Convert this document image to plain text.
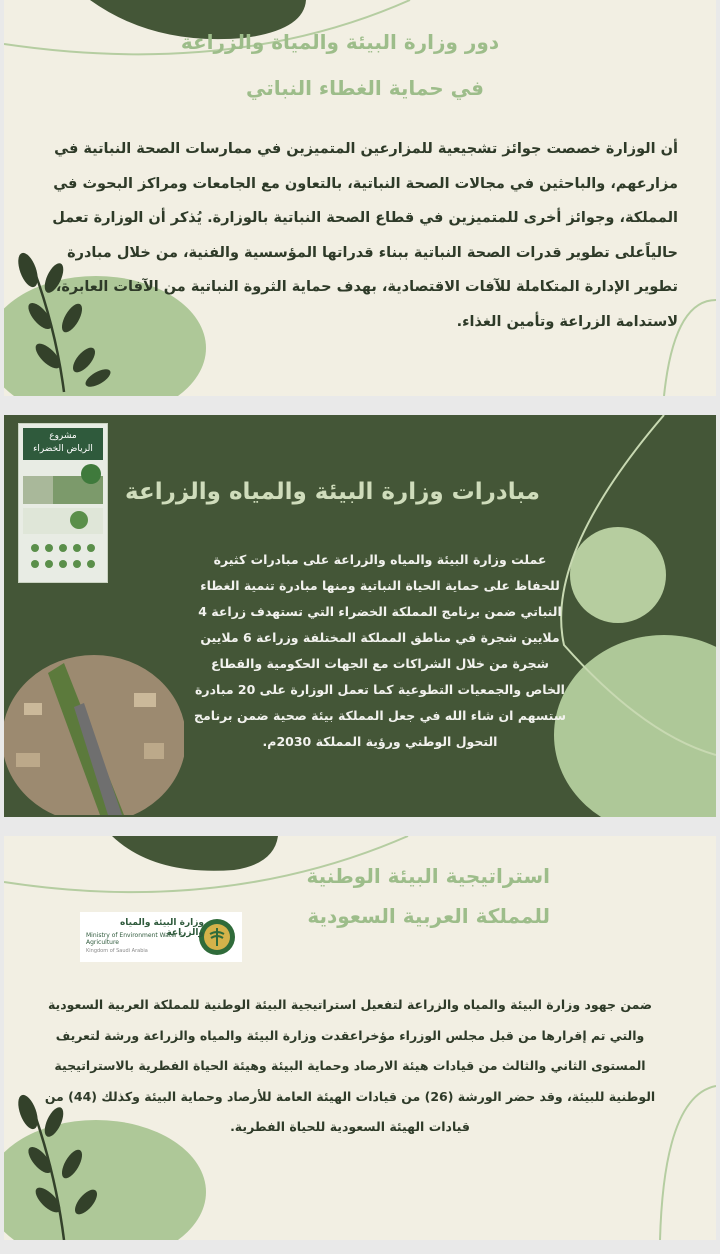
دور وزارة البيئة والمياة والزراعة
في حماية الغطاء النباتي

أن الوزارة خصصت جوائز تشجيعية للمزارعين المتميزين في ممارسات الصحة النباتية في مزارعهم، والباحثين في مجالات الصحة النباتية، بالتعاون مع الجامعات ومراكز البحوث في المملكة، وجوائز أخرى للمتميزين في قطاع الصحة النباتية بالوزارة. يُذكر أن الوزارة تعمل حالياًعلى تطوير قدرات الصحة النباتية ببناء قدراتها المؤسسية والفنية، من خلال مبادرة تطوير الإدارة المتكاملة للآفات الاقتصادية، بهدف حماية الثروة النباتية من الآفات العابرة، لاستدامة الزراعة وتأمين الغذاء.

مشروع
الرياض الخضراء
مبادرات وزارة البيئة والمياه والزراعة

عملت وزارة البيئة والمياه والزراعة على مبادرات كثيرة للحفاظ على حماية الحياة النباتية ومنها مبادرة تنمية الغطاء النباتي ضمن برنامج المملكة الخضراء التي تستهدف زراعة 4 ملايين شجرة في مناطق المملكة المختلفة وزراعة 6 ملايين شجرة من خلال الشراكات مع الجهات الحكومية والقطاع الخاص والجمعيات التطوعية كما تعمل الوزارة على 20 مبادرة ستسهم ان شاء الله في جعل المملكة بيئة صحية ضمن برنامج التحول الوطني ورؤية المملكة 2030م.

استراتيجية البيئة الوطنية
للمملكة العربية السعودية
وزارة البيئة والمياه والزراعة
Ministry of Environment Water & Agriculture
Kingdom of Saudi Arabia

ضمن جهود وزارة البيئة والمياه والزراعة لتفعيل استراتيجية البيئة الوطنية للمملكة العربية السعودية والتي تم إقرارها من قبل مجلس الوزراء مؤخراعقدت وزارة البيئة والمياه والزراعة ورشة لتعريف المستوى الثاني والثالث من قيادات هيئة الارصاد وحماية البيئة وهيئة الحياة الفطرية بالاستراتيجية الوطنية للبيئة، وقد حضر الورشة (26) من قيادات الهيئة العامة للأرصاد وحماية البيئة وكذلك (44) من قيادات الهيئة السعودية للحياة الفطرية.
